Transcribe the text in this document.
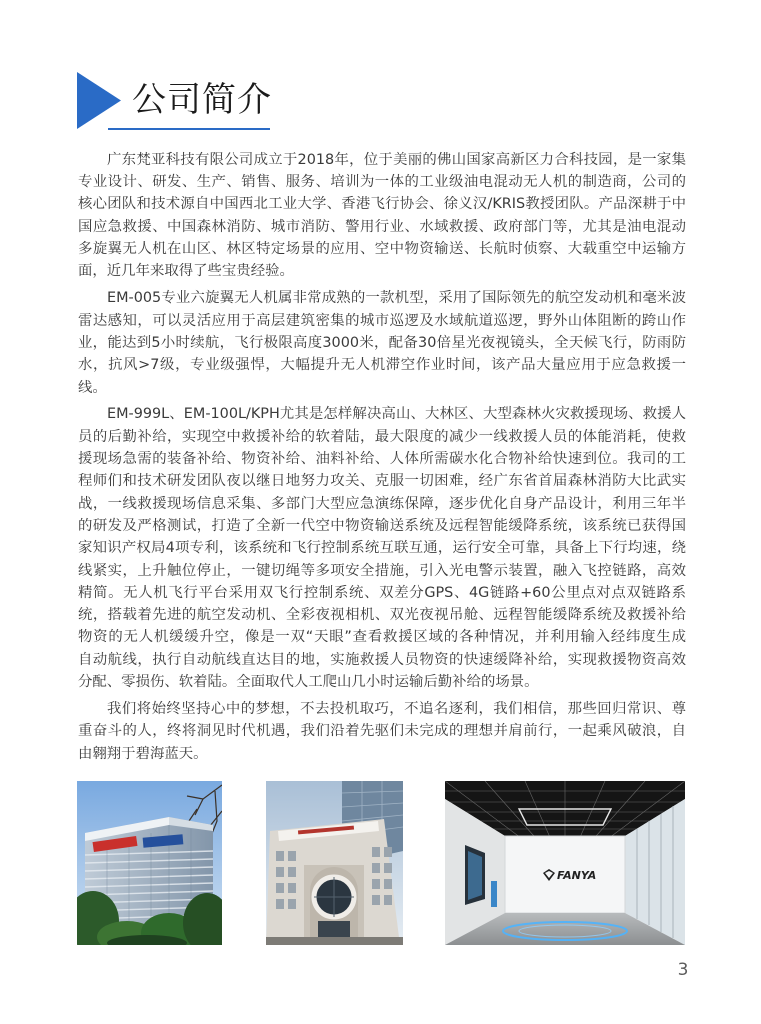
公司简介
广东梵亚科技有限公司成立于2018年，位于美丽的佛山国家高新区力合科技园，是一家集
专业设计、研发、生产、销售、服务、培训为一体的工业级油电混动无人机的制造商，公司的
核心团队和技术源自中国西北工业大学、香港飞行协会、徐义汉/KRIS教授团队。产品深耕于中
国应急救援、中国森林消防、城市消防、警用行业、水域救援、政府部门等，尤其是油电混动
多旋翼无人机在山区、林区特定场景的应用、空中物资输送、长航时侦察、大载重空中运输方
面，近几年来取得了些宝贵经验。
EM-005专业六旋翼无人机属非常成熟的一款机型，采用了国际领先的航空发动机和毫米波
雷达感知，可以灵活应用于高层建筑密集的城市巡逻及水域航道巡逻，野外山体阻断的跨山作
业，能达到5小时续航，飞行极限高度3000米，配备30倍星光夜视镜头，全天候飞行，防雨防
水，抗风>7级，专业级强悍，大幅提升无人机滞空作业时间，该产品大量应用于应急救援一
线。
EM-999L、EM-100L/KPH尤其是怎样解决高山、大林区、大型森林火灾救援现场、救援人
员的后勤补给，实现空中救援补给的软着陆，最大限度的减少一线救援人员的体能消耗，使救
援现场急需的装备补给、物资补给、油料补给、人体所需碳水化合物补给快速到位。我司的工
程师们和技术研发团队夜以继日地努力攻关、克服一切困难，经广东省首届森林消防大比武实
战，一线救援现场信息采集、多部门大型应急演练保障，逐步优化自身产品设计，利用三年半
的研发及严格测试，打造了全新一代空中物资输送系统及远程智能缓降系统，该系统已获得国
家知识产权局4项专利，该系统和飞行控制系统互联互通，运行安全可靠，具备上下行均速，绕
线紧实，上升触位停止，一键切绳等多项安全措施，引入光电警示装置，融入飞控链路，高效
精简。无人机飞行平台采用双飞行控制系统、双差分GPS、4G链路+60公里点对点双链路系
统，搭载着先进的航空发动机、全彩夜视相机、双光夜视吊舱、远程智能缓降系统及救援补给
物资的无人机缓缓升空，像是一双“天眼”查看救援区域的各种情况，并利用输入经纬度生成
自动航线，执行自动航线直达目的地，实施救援人员物资的快速缓降补给，实现救援物资高效
分配、零损伤、软着陆。全面取代人工爬山几小时运输后勤补给的场景。
我们将始终坚持心中的梦想，不去投机取巧，不追名逐利，我们相信，那些回归常识、尊
重奋斗的人，终将洞见时代机遇，我们沿着先驱们未完成的理想并肩前行，一起乘风破浪，自
由翱翔于碧海蓝天。
FANYA
3
